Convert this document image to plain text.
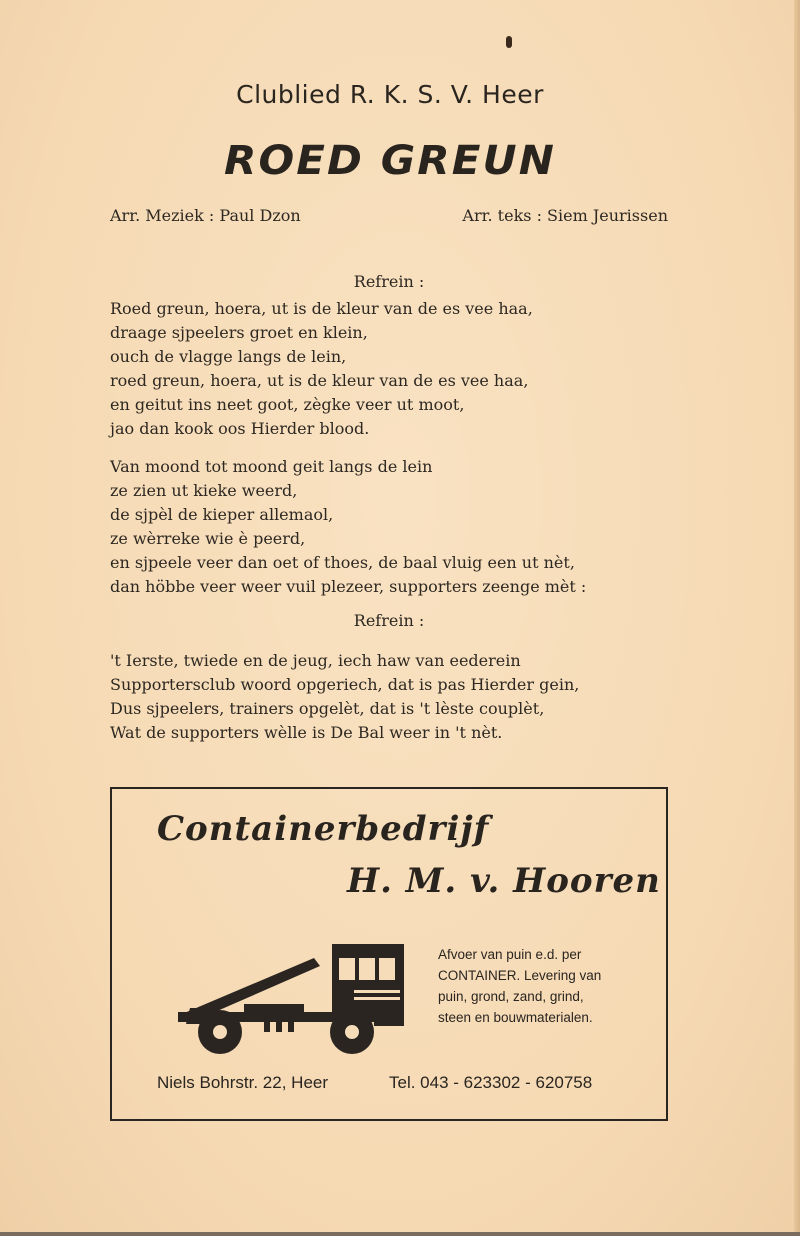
Clublied R. K. S. V. Heer
ROED GREUN
Arr. Meziek : Paul Dzon	Arr. teks : Siem Jeurissen
Refrein :
Roed greun, hoera, ut is de kleur van de es vee haa,
draage sjpeelers groet en klein,
ouch de vlagge langs de lein,
roed greun, hoera, ut is de kleur van de es vee haa,
en geitut ins neet goot, zègke veer ut moot,
jao dan kook oos Hierder blood.
Van moond tot moond geit langs de lein
ze zien ut kieke weerd,
de sjpèl de kieper allemaol,
ze wèrreke wie è peerd,
en sjpeele veer dan oet of thoes, de baal vluig een ut nèt,
dan höbbe veer weer vuil plezeer, supporters zeenge mèt :
Refrein :
't Ierste, twiede en de jeug, iech haw van eederein
Supportersclub woord opgeriech, dat is pas Hierder gein,
Dus sjpeelers, trainers opgelèt, dat is 't lèste couplèt,
Wat de supporters wèlle is De Bal weer in 't nèt.
Containerbedrijf
H. M. v. Hooren
Afvoer van puin e.d. per
CONTAINER. Levering van
puin, grond, zand, grind,
steen en bouwmaterialen.
Niels Bohrstr. 22, Heer	Tel. 043 - 623302 - 620758
